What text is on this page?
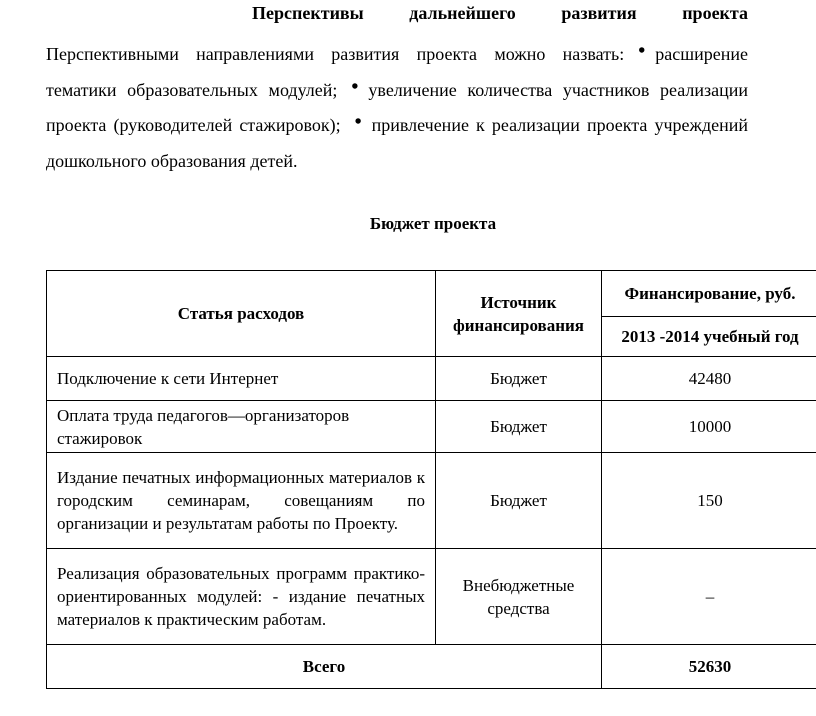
Перспективы	дальнейшего	развития	проекта
Перспективными направлениями развития проекта можно назвать: • расширение тематики образовательных модулей; • увеличение количества участников реализации проекта (руководителей стажировок); • привлечение к реализации проекта учреждений дошкольного образования детей.
Бюджет проекта
Статья расходов	Источник финансирования	Финансирование, руб.
		2013 -2014 учебный год
Подключение к сети Интернет	Бюджет	42480
Оплата труда педагогов—организаторов стажировок	Бюджет	10000
Издание печатных информационных материалов к городским семинарам, совещаниям по организации и результатам работы по Проекту.	Бюджет	150
Реализация образовательных программ практико-ориентированных модулей: - издание печатных материалов к практическим работам.	Внебюджетные средства	–
Всего		52630
